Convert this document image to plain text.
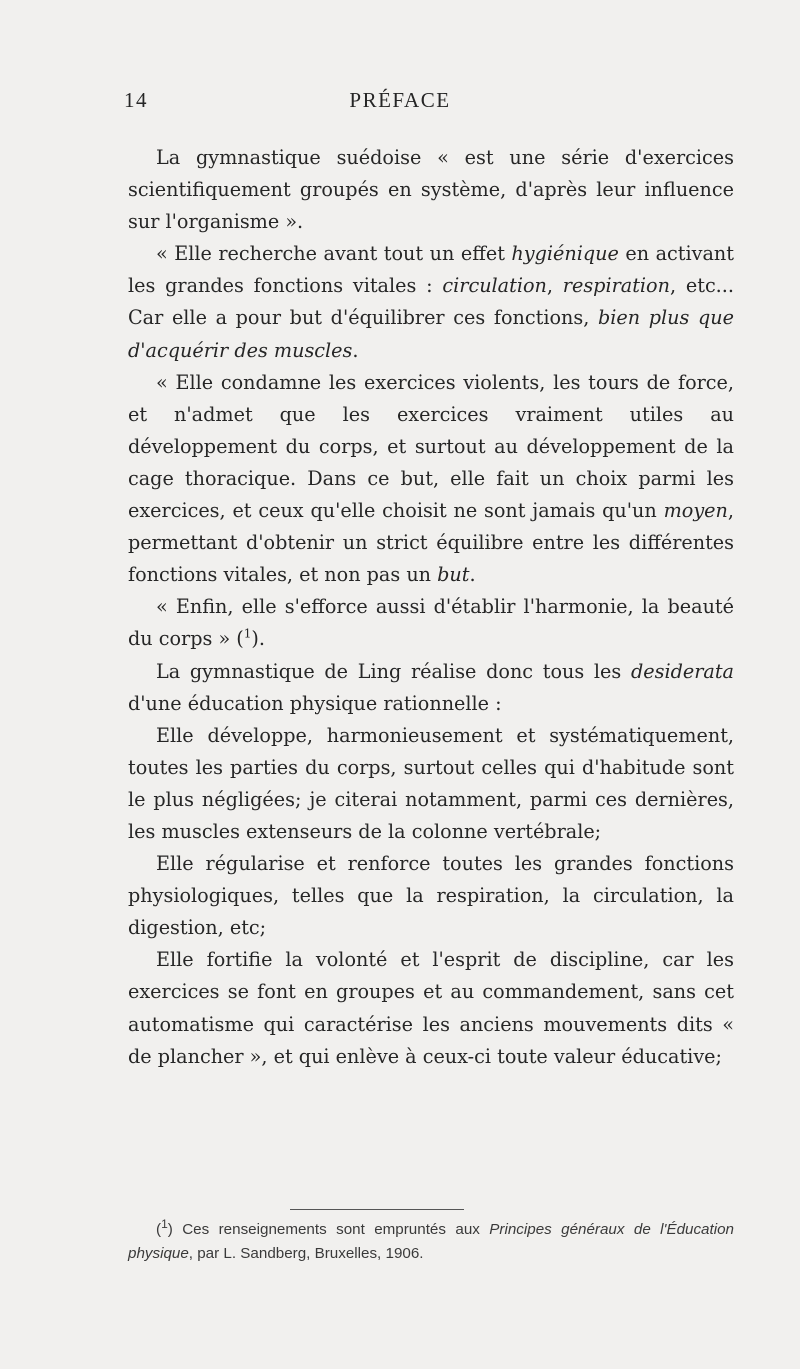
14	PRÉFACE

La gymnastique suédoise « est une série d'exercices scientifiquement groupés en système, d'après leur influence sur l'organisme ».

« Elle recherche avant tout un effet hygiénique en activant les grandes fonctions vitales : circulation, respiration, etc... Car elle a pour but d'équilibrer ces fonctions, bien plus que d'acquérir des muscles.

« Elle condamne les exercices violents, les tours de force, et n'admet que les exercices vraiment utiles au développement du corps, et surtout au développement de la cage thoracique. Dans ce but, elle fait un choix parmi les exercices, et ceux qu'elle choisit ne sont jamais qu'un moyen, permettant d'obtenir un strict équilibre entre les différentes fonctions vitales, et non pas un but.

« Enfin, elle s'efforce aussi d'établir l'harmonie, la beauté du corps » ($^1$).

La gymnastique de Ling réalise donc tous les desiderata d'une éducation physique rationnelle :

Elle développe, harmonieusement et systématiquement, toutes les parties du corps, surtout celles qui d'habitude sont le plus négligées; je citerai notamment, parmi ces dernières, les muscles extenseurs de la colonne vertébrale;

Elle régularise et renforce toutes les grandes fonctions physiologiques, telles que la respiration, la circulation, la digestion, etc;

Elle fortifie la volonté et l'esprit de discipline, car les exercices se font en groupes et au commandement, sans cet automatisme qui caractérise les anciens mouvements dits « de plancher », et qui enlève à ceux-ci toute valeur éducative;

($^1$) Ces renseignements sont empruntés aux Principes généraux de l'Éducation physique, par L. Sandberg, Bruxelles, 1906.
